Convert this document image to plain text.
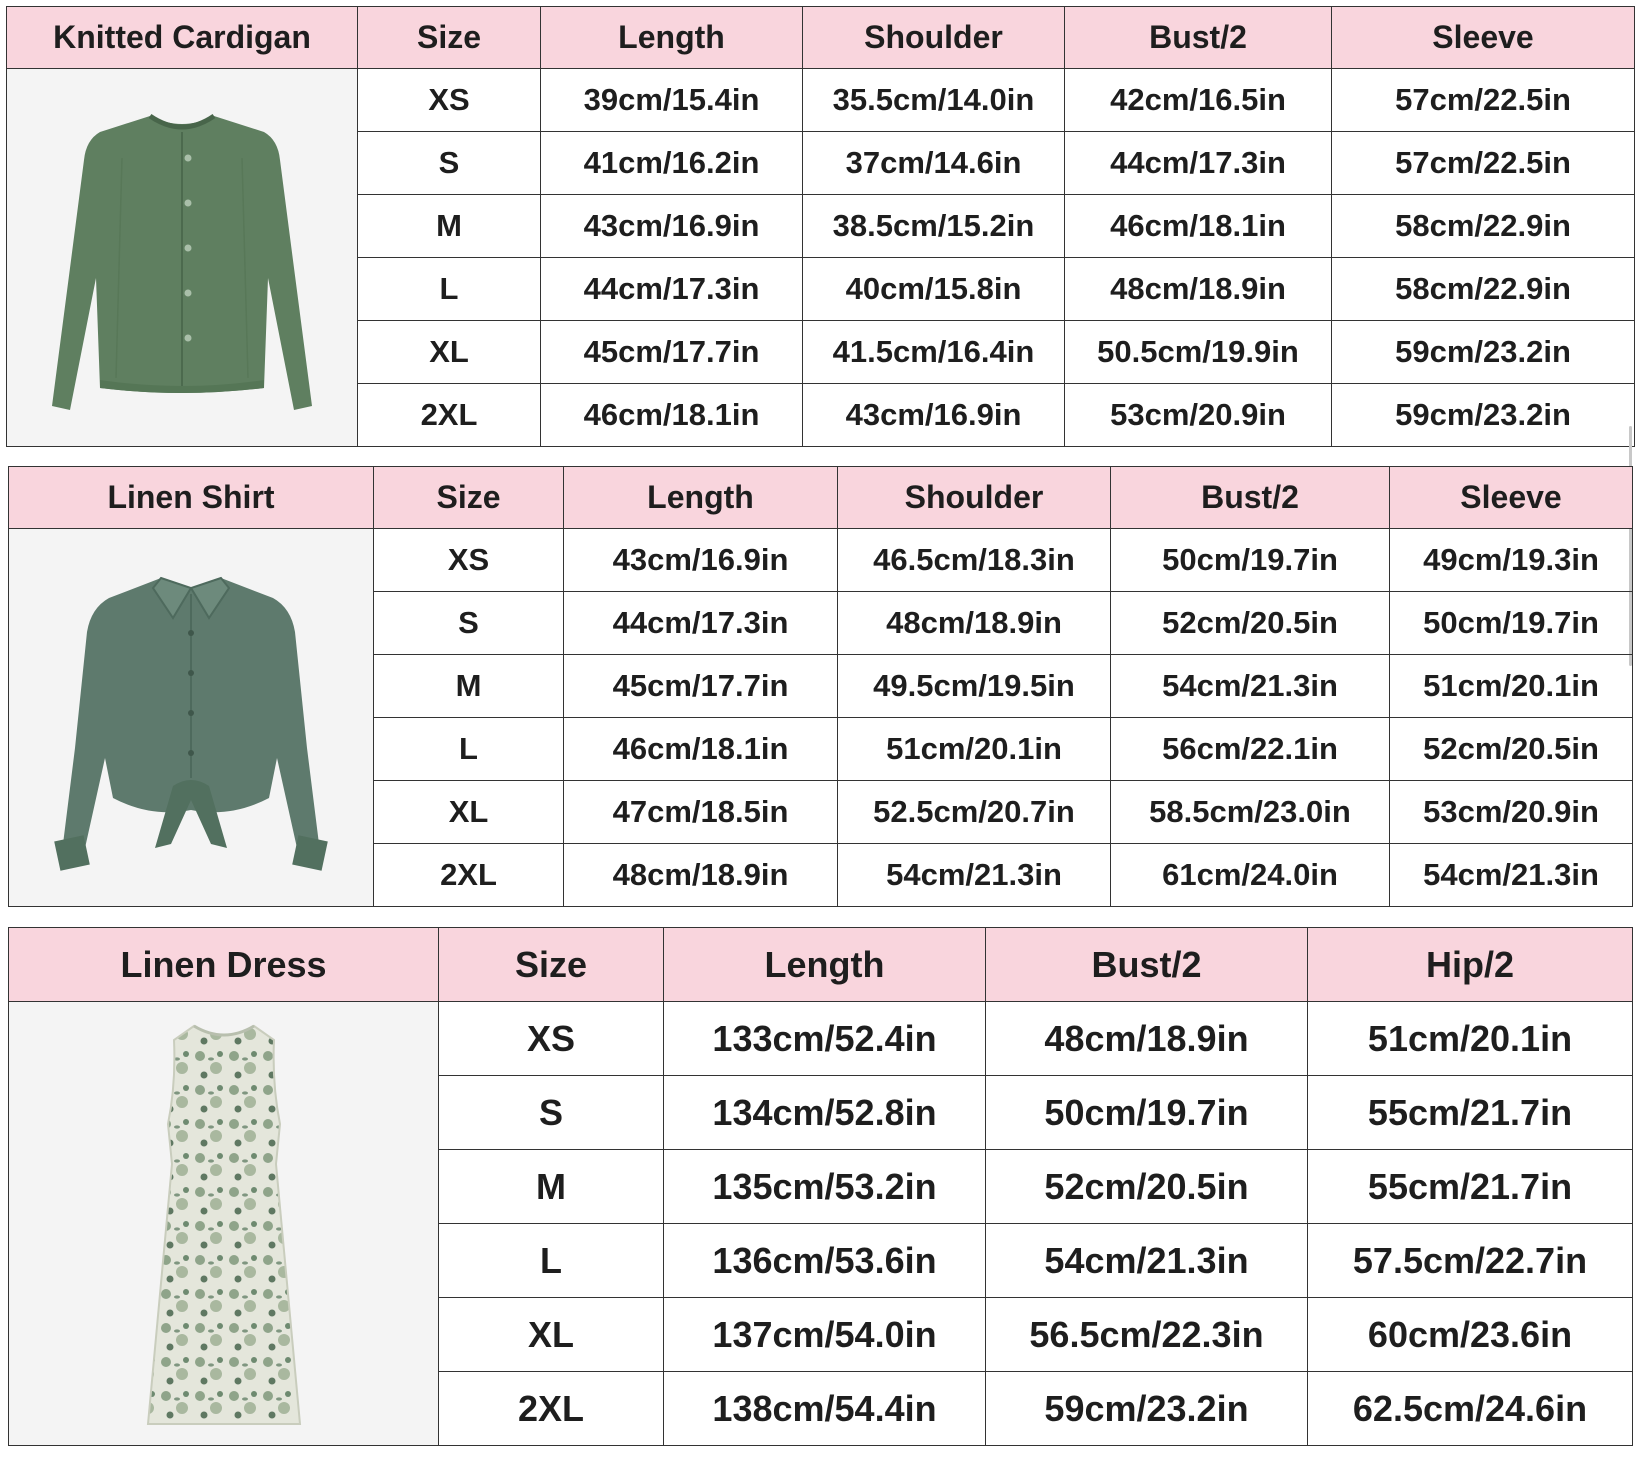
Knitted Cardigan	Size	Length	Shoulder	Bust/2	Sleeve

	XS	39cm/15.4in	35.5cm/14.0in	42cm/16.5in	57cm/22.5in
	S	41cm/16.2in	37cm/14.6in	44cm/17.3in	57cm/22.5in
	M	43cm/16.9in	38.5cm/15.2in	46cm/18.1in	58cm/22.9in
	L	44cm/17.3in	40cm/15.8in	48cm/18.9in	58cm/22.9in
	XL	45cm/17.7in	41.5cm/16.4in	50.5cm/19.9in	59cm/23.2in
	2XL	46cm/18.1in	43cm/16.9in	53cm/20.9in	59cm/23.2in
Linen Shirt	Size	Length	Shoulder	Bust/2	Sleeve

	XS	43cm/16.9in	46.5cm/18.3in	50cm/19.7in	49cm/19.3in
	S	44cm/17.3in	48cm/18.9in	52cm/20.5in	50cm/19.7in
	M	45cm/17.7in	49.5cm/19.5in	54cm/21.3in	51cm/20.1in
	L	46cm/18.1in	51cm/20.1in	56cm/22.1in	52cm/20.5in
	XL	47cm/18.5in	52.5cm/20.7in	58.5cm/23.0in	53cm/20.9in
	2XL	48cm/18.9in	54cm/21.3in	61cm/24.0in	54cm/21.3in
Linen Dress	Size	Length	Bust/2	Hip/2

	XS	133cm/52.4in	48cm/18.9in	51cm/20.1in
	S	134cm/52.8in	50cm/19.7in	55cm/21.7in
	M	135cm/53.2in	52cm/20.5in	55cm/21.7in
	L	136cm/53.6in	54cm/21.3in	57.5cm/22.7in
	XL	137cm/54.0in	56.5cm/22.3in	60cm/23.6in
	2XL	138cm/54.4in	59cm/23.2in	62.5cm/24.6in
